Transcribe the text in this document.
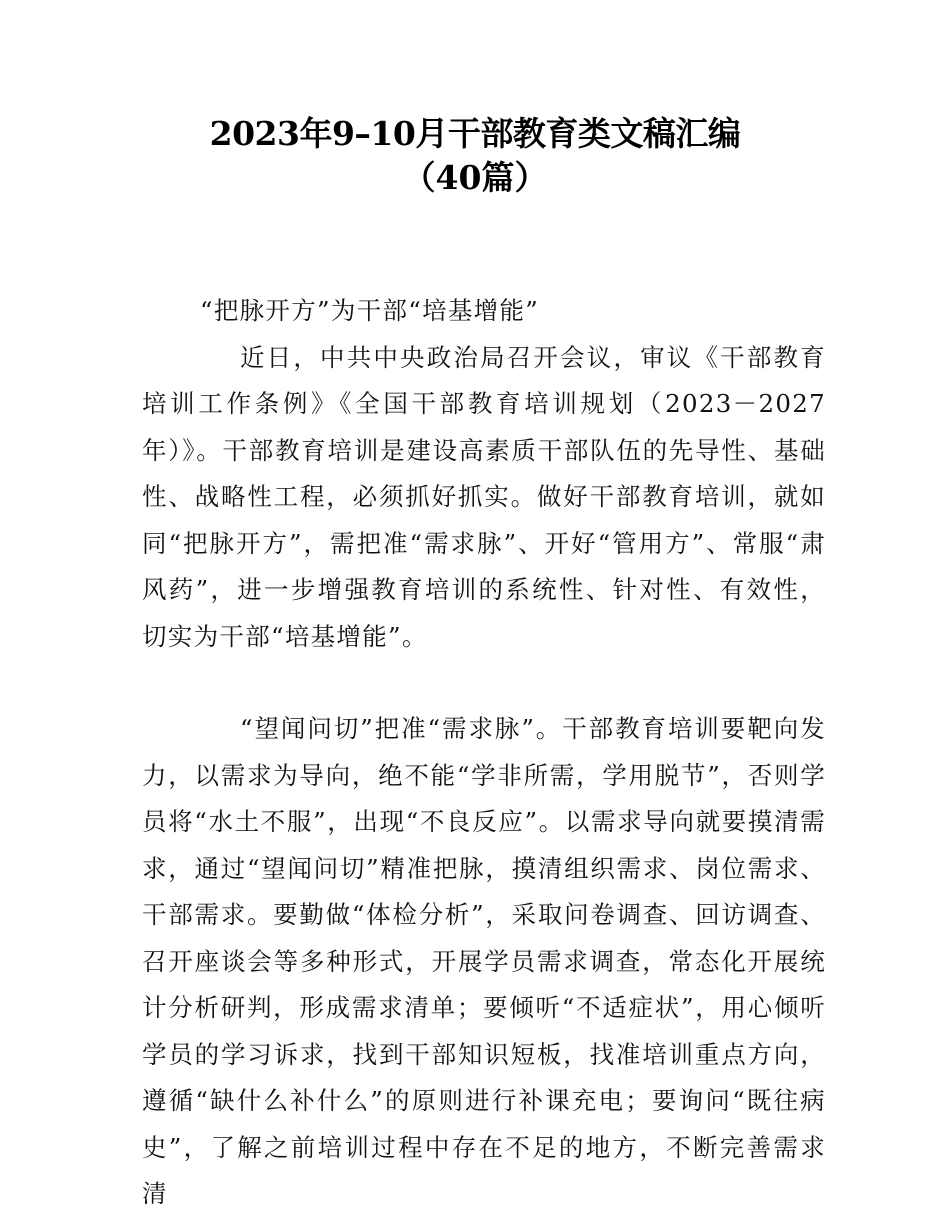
2023年9–10月干部教育类文稿汇编
（40篇）

“把脉开方”为干部“培基增能”

近日，中共中央政治局召开会议，审议《干部教育培训工作条例》《全国干部教育培训规划（2023－2027年）》。干部教育培训是建设高素质干部队伍的先导性、基础性、战略性工程，必须抓好抓实。做好干部教育培训，就如同“把脉开方”，需把准“需求脉”、开好“管用方”、常服“肃风药”，进一步增强教育培训的系统性、针对性、有效性，切实为干部“培基增能”。

“望闻问切”把准“需求脉”。干部教育培训要靶向发力，以需求为导向，绝不能“学非所需，学用脱节”，否则学员将“水土不服”，出现“不良反应”。以需求导向就要摸清需求，通过“望闻问切”精准把脉，摸清组织需求、岗位需求、干部需求。要勤做“体检分析”，采取问卷调查、回访调查、召开座谈会等多种形式，开展学员需求调查，常态化开展统计分析研判，形成需求清单；要倾听“不适症状”，用心倾听学员的学习诉求，找到干部知识短板，找准培训重点方向，遵循“缺什么补什么”的原则进行补课充电；要询问“既往病史”，了解之前培训过程中存在不足的地方，不断完善需求清
